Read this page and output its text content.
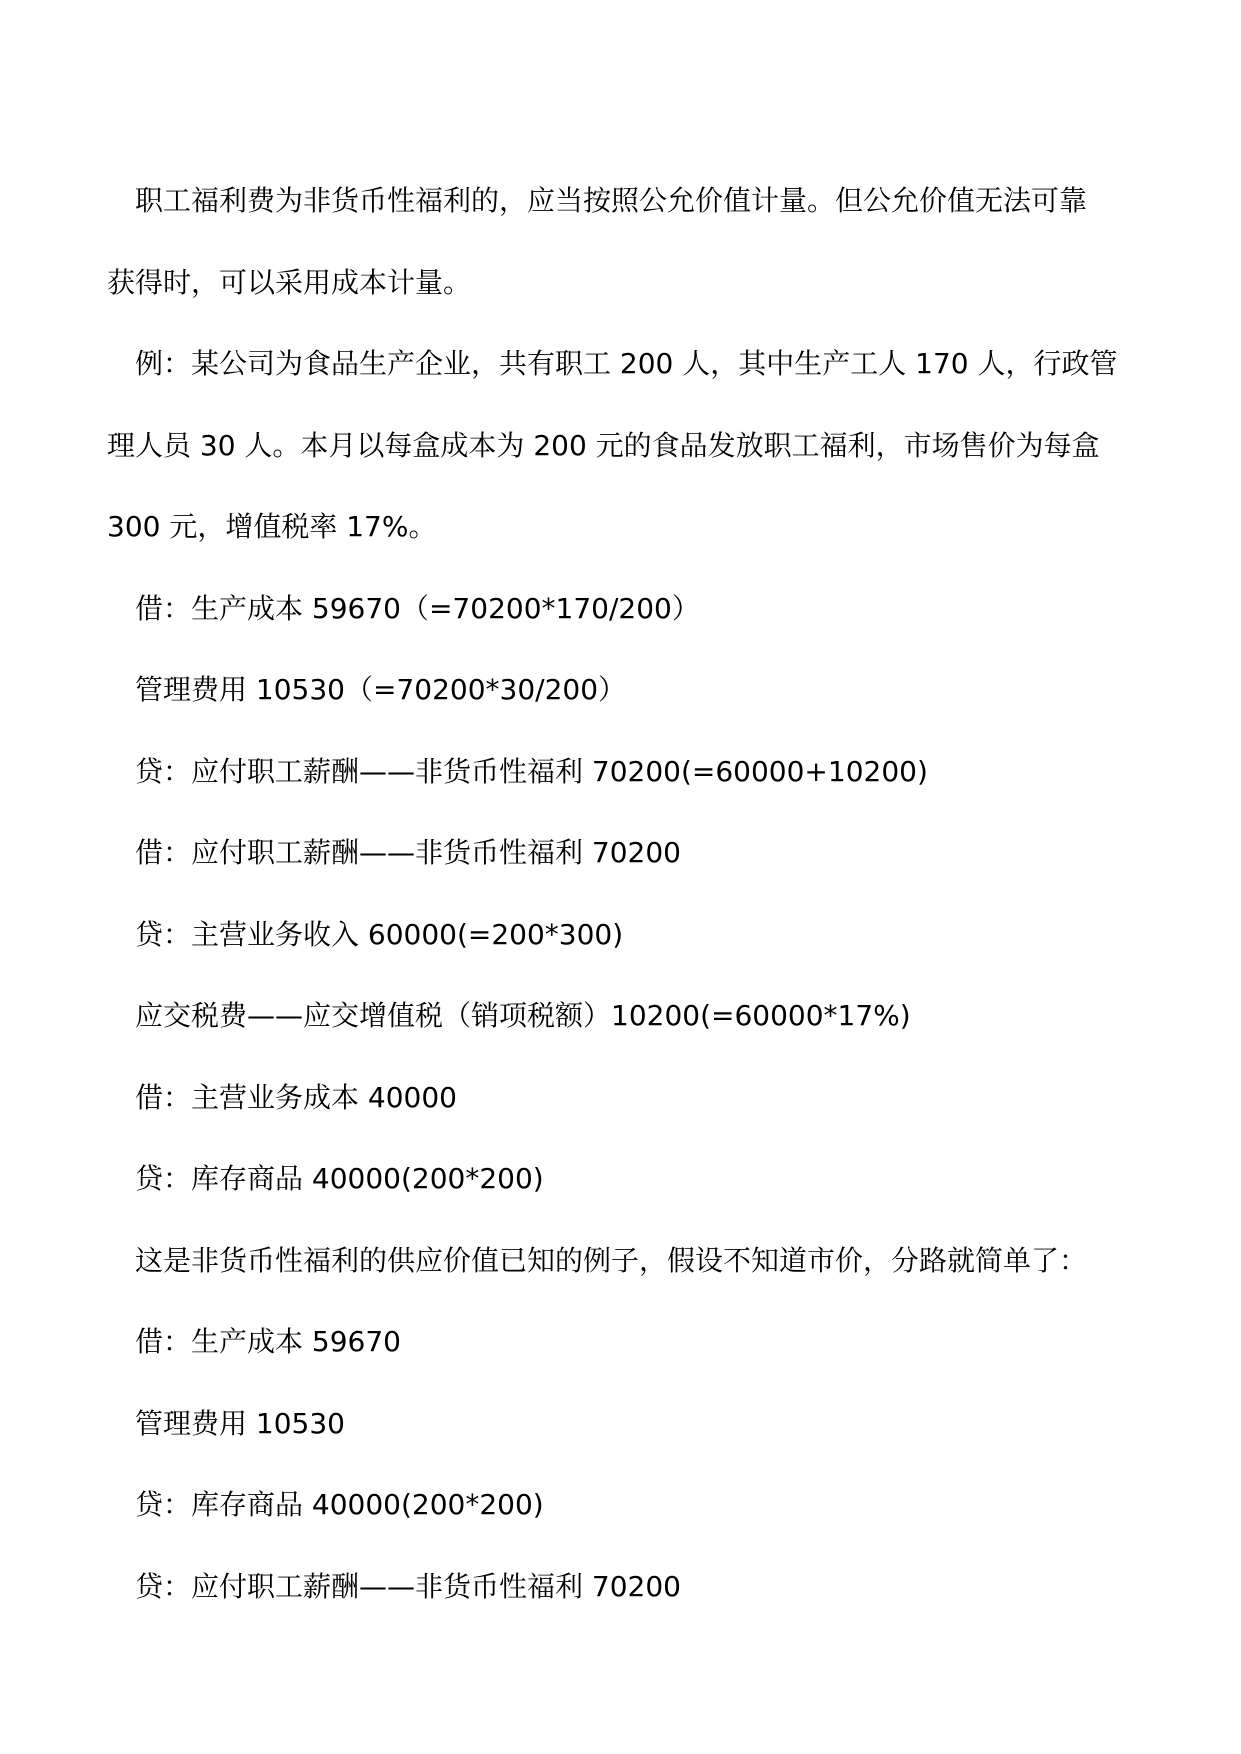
职工福利费为非货币性福利的，应当按照公允价值计量。但公允价值无法可靠
获得时，可以采用成本计量。
例：某公司为食品生产企业，共有职工 200 人，其中生产工人 170 人，行政管
理人员 30 人。本月以每盒成本为 200 元的食品发放职工福利，市场售价为每盒
300 元，增值税率 17%。
借：生产成本 59670（=70200*170/200）
管理费用 10530（=70200*30/200）
贷：应付职工薪酬——非货币性福利 70200(=60000+10200)
借：应付职工薪酬——非货币性福利 70200
贷：主营业务收入 60000(=200*300)
应交税费——应交增值税（销项税额）10200(=60000*17%)
借：主营业务成本 40000
贷：库存商品 40000(200*200)
这是非货币性福利的供应价值已知的例子，假设不知道市价，分路就简单了：
借：生产成本 59670
管理费用 10530
贷：库存商品 40000(200*200)
贷：应付职工薪酬——非货币性福利 70200
